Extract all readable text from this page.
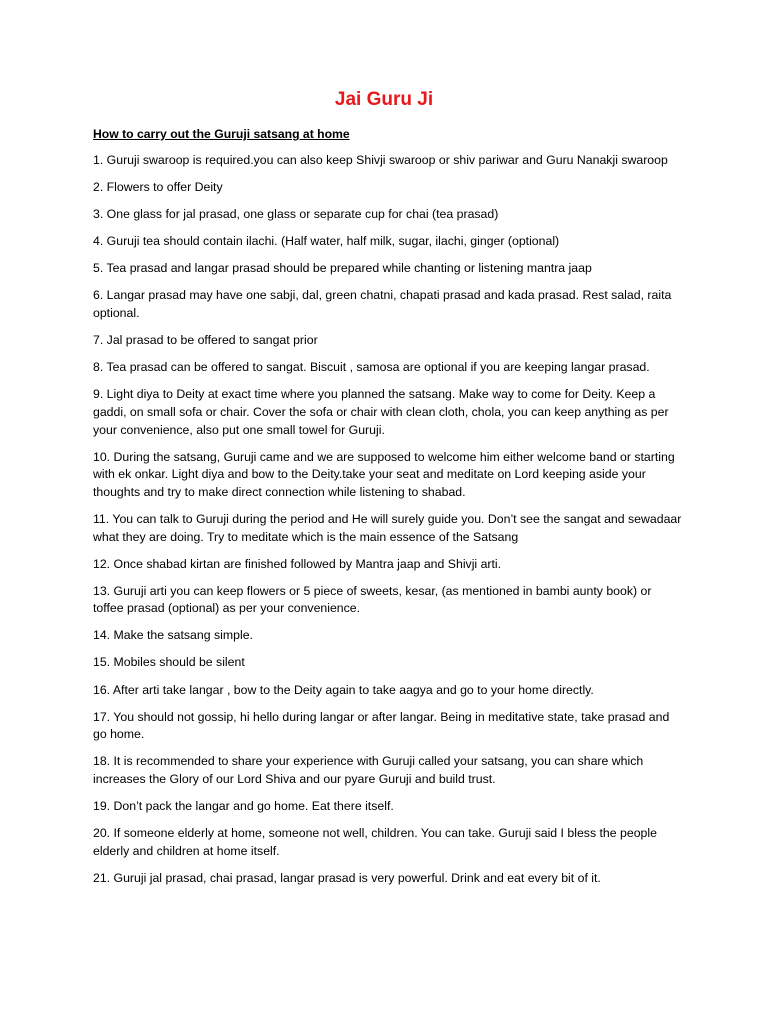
Jai Guru Ji
How to carry out the Guruji satsang at home
1. Guruji swaroop is required.you can also keep Shivji swaroop or shiv pariwar and Guru Nanakji swaroop
2. Flowers to offer Deity
3. One glass for jal prasad, one glass or separate cup for chai (tea prasad)
4. Guruji tea should contain ilachi. (Half water, half milk, sugar, ilachi, ginger (optional)
5. Tea prasad and langar prasad should be prepared while chanting or listening mantra jaap
6. Langar prasad may have one sabji, dal, green chatni, chapati prasad and kada prasad. Rest salad, raita optional.
7. Jal prasad to be offered to sangat prior
8. Tea prasad can be offered to sangat. Biscuit , samosa are optional if you are keeping langar prasad.
9. Light diya to Deity at exact time where you planned the satsang. Make way to come for Deity. Keep a gaddi, on small sofa or chair. Cover the sofa or chair with clean cloth, chola, you can keep anything as per your convenience, also put one small towel for Guruji.
10. During the satsang, Guruji came and we are supposed to welcome him either welcome band or starting with ek onkar. Light diya and bow to the Deity.take your seat and meditate on Lord keeping aside your thoughts and try to make direct connection while listening to shabad.
11. You can talk to Guruji during the period and He will surely guide you. Don’t see the sangat and sewadaar what they are doing. Try to meditate which is the main essence of the Satsang
12. Once shabad kirtan are finished followed by Mantra jaap and Shivji arti.
13. Guruji arti you can keep flowers or 5 piece of sweets, kesar, (as mentioned in bambi aunty book) or toffee prasad (optional) as per your convenience.
14. Make the satsang simple.
15. Mobiles should be silent
16. After arti take langar , bow to the Deity again to take aagya and go to your home directly.
17. You should not gossip, hi hello during langar or after langar. Being in meditative state, take prasad and go home.
18. It is recommended to share your experience with Guruji called your satsang, you can share which increases the Glory of our Lord Shiva and our pyare Guruji and build trust.
19. Don’t pack the langar and go home. Eat there itself.
20. If someone elderly at home, someone not well, children. You can take. Guruji said I bless the people elderly and children at home itself.
21. Guruji jal prasad, chai prasad, langar prasad is very powerful. Drink and eat every bit of it.
